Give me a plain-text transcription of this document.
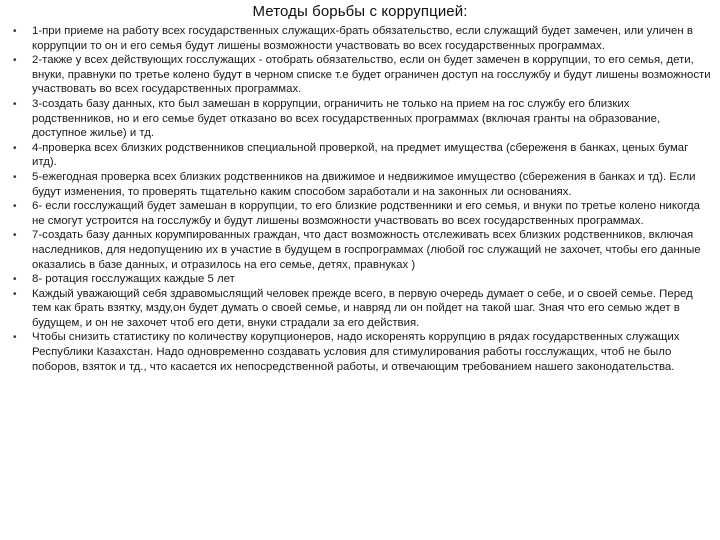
Методы борьбы с коррупцией:
• 1-при приеме на работу всех государственных служащих-брать обязательство, если служащий будет замечен, или уличен в коррупции то он и его семья будут лишены возможности участвовать во всех государственных программах.
• 2-также у всех действующих госслужащих - отобрать обязательство, если он будет замечен в коррупции, то его семья, дети, внуки, правнуки по третье колено будут в черном списке т.е будет ограничен доступ на госслужбу и будут лишены возможности участвовать во всех государственных программах.
• 3-создать базу данных, кто был замешан в коррупции, ограничить не только на прием на гос службу его близких родственников, но и его семье будет отказано во всех государственных программах (включая гранты на образование, доступное жилье) и тд.
• 4-проверка всех близких родственников специальной проверкой, на предмет имущества (сбереженя в банках, ценых бумаг итд).
• 5-ежегодная проверка всех близких родственников на движимое и недвижимое имущество (сбережения в банках и тд). Если будут изменения, то проверять тщательно каким способом заработали и на законных ли основаниях.
• 6- если госслужащий будет замешан в коррупции, то его близкие родственники и его семья, и внуки по третье колено никогда не смогут устроится на госслужбу и будут лишены возможности участвовать во всех государственных программах.
• 7-создать базу данных корумпированных граждан, что даст возможность отслеживать всех близких родственников, включая наследников, для недопущению их в участие в будущем в госпрограммах (любой гос служащий не захочет, чтобы его данные оказались в базе данных, и отразилось на его семье, детях, правнуках )
• 8- ротация госслужащих каждые 5 лет
• Каждый уважающий себя здравомыслящий человек прежде всего, в первую очередь думает о себе, и о своей семье. Перед тем как брать взятку, мзду,он будет думать о своей семье, и навряд ли он пойдет на такой шаг. Зная что его семью ждет в будущем, и он не захочет чтоб его дети, внуки страдали за его действия.
• Чтобы снизить статистику по количеству корупционеров, надо искоренять коррупцию в рядах государственных служащих Республики Казахстан. Надо одновременно создавать условия для стимулирования работы госслужащих, чтоб не было поборов, взяток и тд., что касается их непосредственной работы, и отвечающим требованием нашего законодательства.
